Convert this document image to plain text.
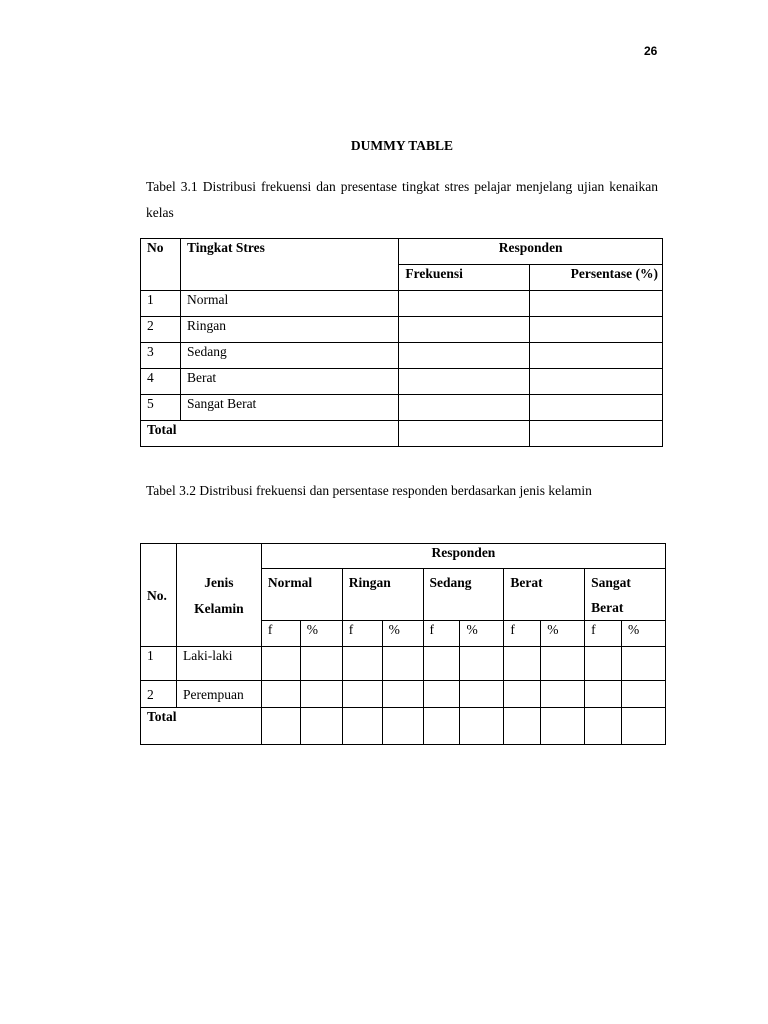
26
DUMMY TABLE
Tabel 3.1 Distribusi frekuensi dan presentase tingkat stres pelajar menjelang ujian kenaikan kelas
No	Tingkat Stres	Responden	
		Frekuensi	Persentase (%)
1	Normal		
2	Ringan		
3	Sedang		
4	Berat		
5	Sangat Berat		
Total			
Tabel 3.2 Distribusi frekuensi dan persentase responden berdasarkan jenis kelamin
No.	Jenis Kelamin	Responden									
		Normal		Ringan		Sedang		Berat		Sangat Berat	
		f	%	f	%	f	%	f	%	f	%
1	Laki-laki										
2	Perempuan										
Total											
